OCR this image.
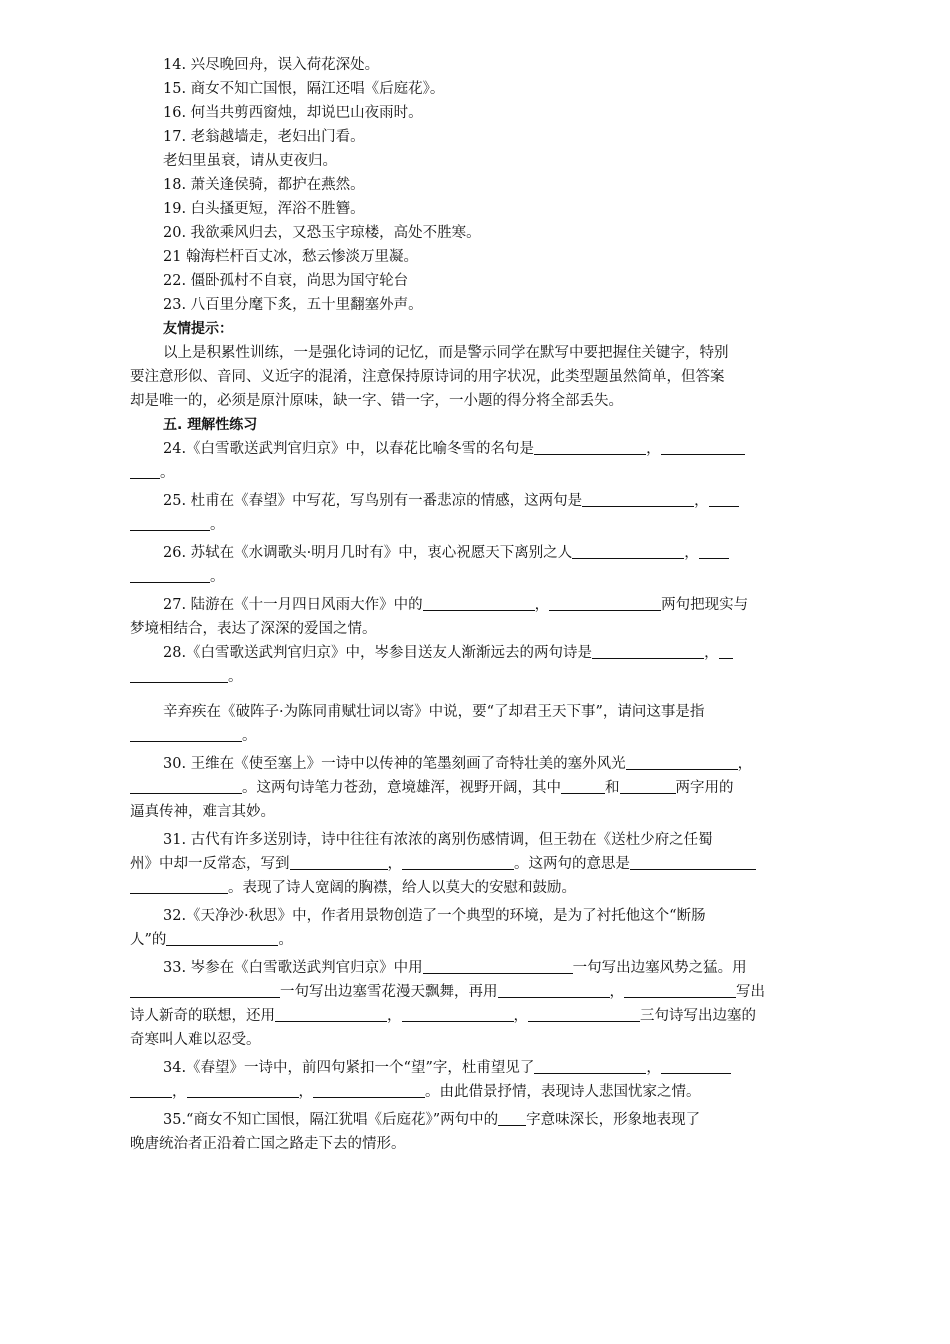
14. 兴尽晚回舟，误入荷花深处。
15. 商女不知亡国恨，隔江还唱《后庭花》。
16. 何当共剪西窗烛，却说巴山夜雨时。
17. 老翁越墙走，老妇出门看。
老妇里虽衰，请从吏夜归。
18. 萧关逢侯骑，都护在燕然。
19. 白头搔更短，浑浴不胜簪。
20. 我欲乘风归去，又恐玉宇琼楼，高处不胜寒。
21 翰海栏杆百丈冰，愁云惨淡万里凝。
22. 僵卧孤村不自衰，尚思为国守轮台
23. 八百里分麾下炙，五十里翻塞外声。
友情提示：
以上是积累性训练，一是强化诗词的记忆，而是警示同学在默写中要把握住关键字，特别
要注意形似、音同、义近字的混淆，注意保持原诗词的用字状况，此类型题虽然简单，但答案
却是唯一的，必须是原汁原味，缺一字、错一字，一小题的得分将全部丢失。
五. 理解性练习
24.《白雪歌送武判官归京》中，以春花比喻冬雪的名句是	，
。
25. 杜甫在《春望》中写花，写鸟别有一番悲凉的情感，这两句是	，
。
26. 苏轼在《水调歌头·明月几时有》中，衷心祝愿天下离别之人	，
。
27. 陆游在《十一月四日风雨大作》中的	，	两句把现实与
梦境相结合，表达了深深的爱国之情。
28.《白雪歌送武判官归京》中，岑参目送友人渐渐远去的两句诗是	，
。
辛弃疾在《破阵子·为陈同甫赋壮词以寄》中说，要“了却君王天下事”，请问这事是指
。
30. 王维在《使至塞上》一诗中以传神的笔墨刻画了奇特壮美的塞外风光	，
。这两句诗笔力苍劲，意境雄浑，视野开阔，其中	和	两字用的
逼真传神，难言其妙。
31. 古代有许多送别诗，诗中往往有浓浓的离别伤感情调，但王勃在《送杜少府之任蜀
州》中却一反常态，写到	，	。这两句的意思是
。表现了诗人宽阔的胸襟，给人以莫大的安慰和鼓励。
32.《天净沙·秋思》中，作者用景物创造了一个典型的环境，是为了衬托他这个“断肠
人”的	。
33. 岑参在《白雪歌送武判官归京》中用	一句写出边塞风势之猛。用
一句写出边塞雪花漫天飘舞，再用	，	写出
诗人新奇的联想，还用	，	，	三句诗写出边塞的
奇寒叫人难以忍受。
34.《春望》一诗中，前四句紧扣一个“望”字，杜甫望见了	，
，	，	。由此借景抒情，表现诗人悲国忧家之情。
35.“商女不知亡国恨，隔江犹唱《后庭花》”两句中的 字意味深长，形象地表现了
晚唐统治者正沿着亡国之路走下去的情形。
